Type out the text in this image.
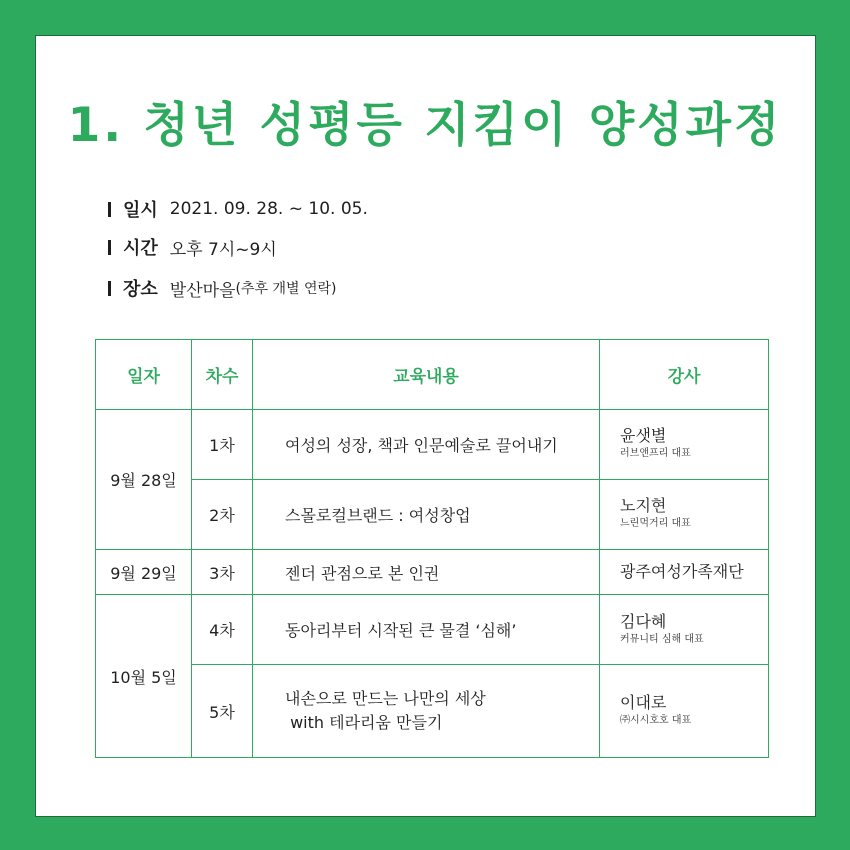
1. 청년 성평등 지킴이 양성과정
일시 2021. 09. 28. ~ 10. 05.
시간 오후 7시~9시
장소 발산마을 (추후 개별 연락)
일자	차수	교육내용	강사
9월 28일	1차	여성의 성장, 책과 인문예술로 끌어내기	윤샛별
러브앤프리 대표

	2차	스몰로컬브랜드 : 여성창업	노지현
느린먹거리 대표

9월 29일	3차	젠더 관점으로 본 인권	광주여성가족재단

10월 5일	4차	동아리부터 시작된 큰 물결 ‘심해’	김다혜
커뮤니티 심해 대표

	5차	내손으로 만드는 나만의 세상
with 테라리움 만들기	이대로
㈜시시호호 대표
